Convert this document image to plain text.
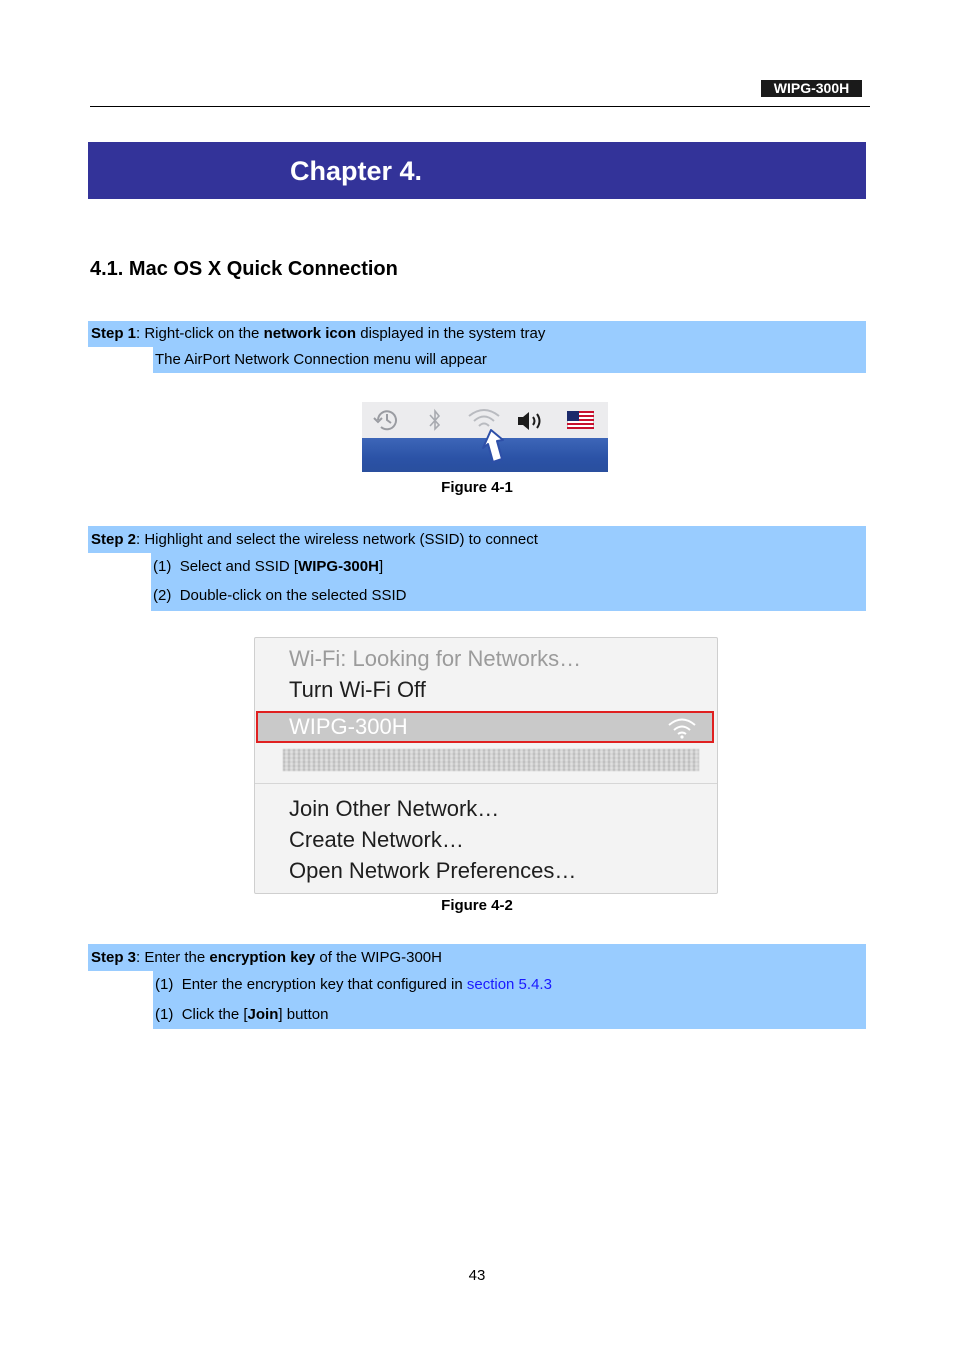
WIPG-300H
Chapter 4.
4.1. Mac OS X Quick Connection
Step 1: Right-click on the network icon displayed in the system tray
The AirPort Network Connection menu will appear
Figure 4-1
Step 2: Highlight and select the wireless network (SSID) to connect
(1) Select and SSID [WIPG-300H]
(2) Double-click on the selected SSID
Wi-Fi: Looking for Networks…
Turn Wi-Fi Off
WIPG-300H
Join Other Network…
Create Network…
Open Network Preferences…
Figure 4-2
Step 3: Enter the encryption key of the WIPG-300H
(1) Enter the encryption key that configured in section 5.4.3
(1) Click the [Join] button
43
